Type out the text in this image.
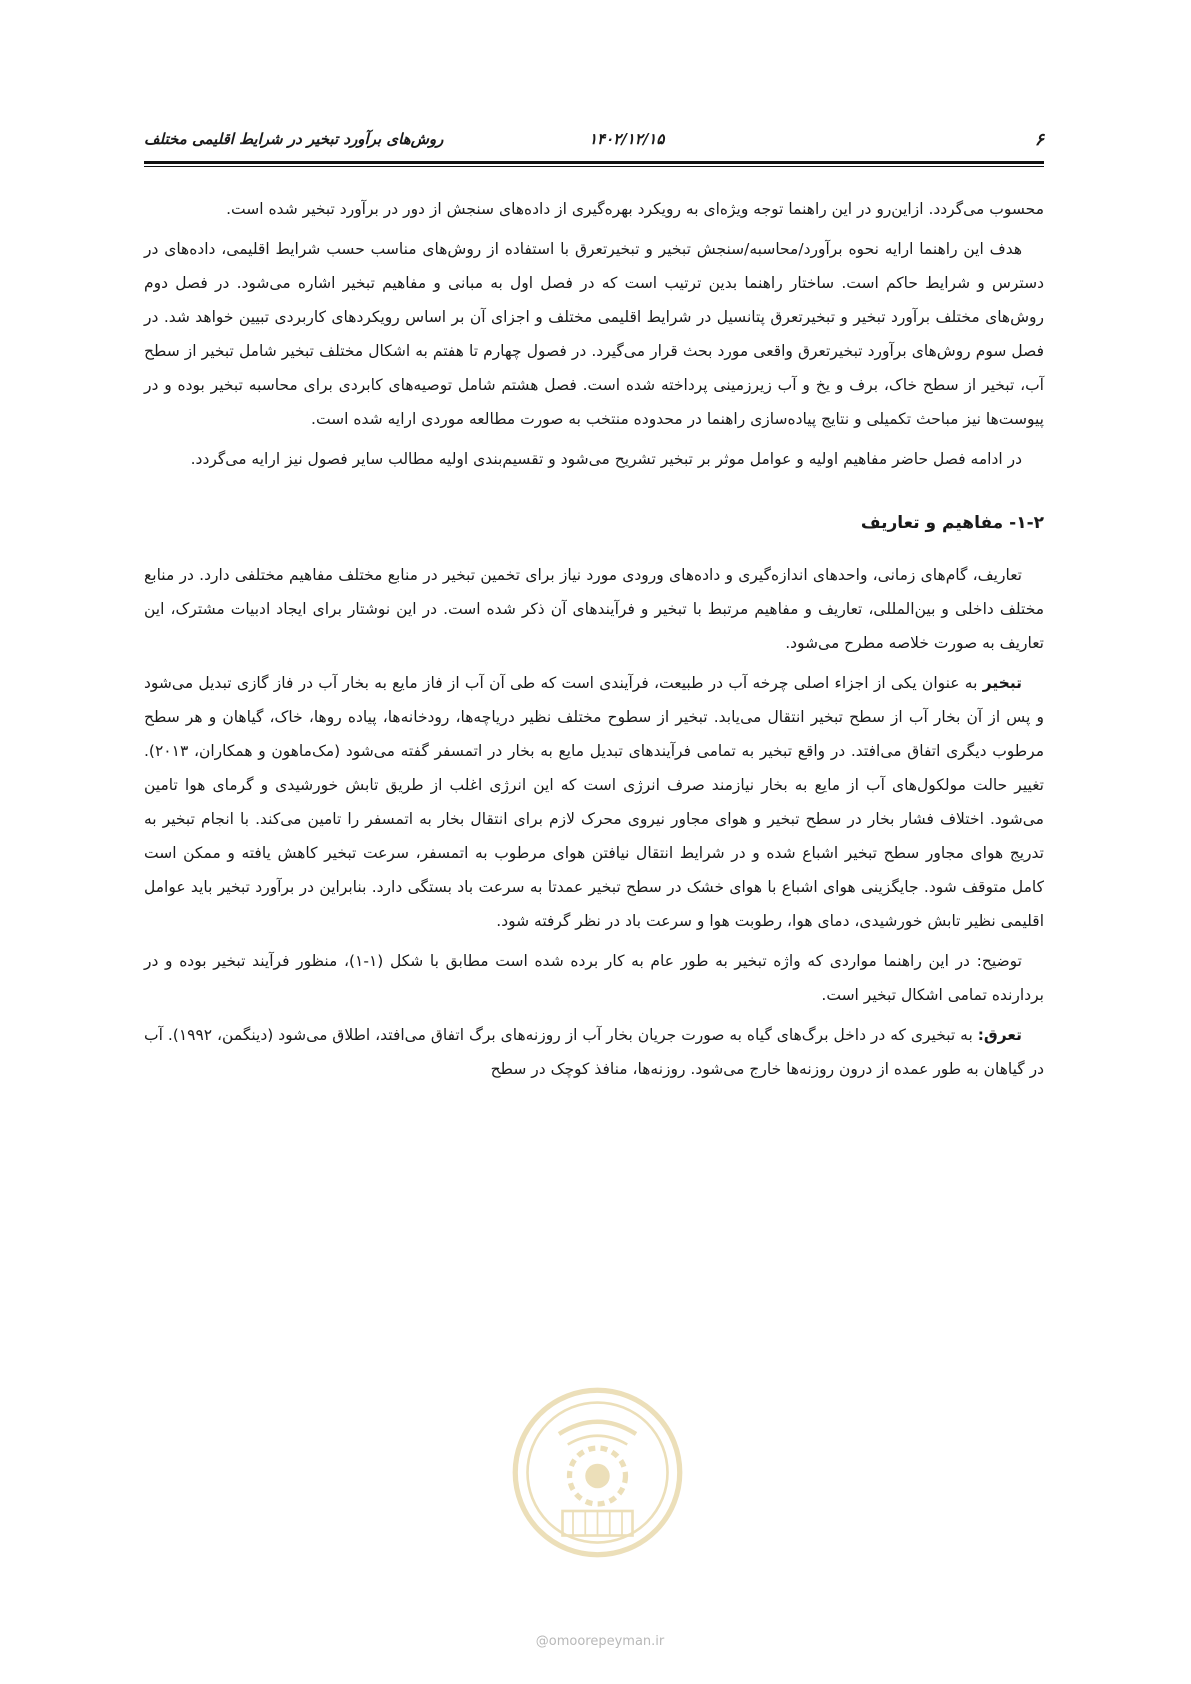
۶
۱۴۰۲/۱۲/۱۵
روش‌های برآورد تبخیر در شرایط اقلیمی مختلف

محسوب می‌گردد. ازاین‌رو در این راهنما توجه ویژه‌ای به رویکرد بهره‌گیری از داده‌های سنجش از دور در برآورد تبخیر شده است.

هدف این راهنما ارایه نحوه برآورد/محاسبه/سنجش تبخیر و تبخیرتعرق با استفاده از روش‌های مناسب حسب شرایط اقلیمی، داده‌های در دسترس و شرایط حاکم است. ساختار راهنما بدین ترتیب است که در فصل اول به مبانی و مفاهیم تبخیر اشاره می‌شود. در فصل دوم روش‌های مختلف برآورد تبخیر و تبخیرتعرق پتانسیل در شرایط اقلیمی مختلف و اجزای آن بر اساس رویکردهای کاربردی تبیین خواهد شد. در فصل سوم روش‌های برآورد تبخیرتعرق واقعی مورد بحث قرار می‌گیرد. در فصول چهارم تا هفتم به اشکال مختلف تبخیر شامل تبخیر از سطح آب، تبخیر از سطح خاک، برف و یخ و آب زیرزمینی پرداخته شده است. فصل هشتم شامل توصیه‌های کابردی برای محاسبه تبخیر بوده و در پیوست‌ها نیز مباحث تکمیلی و نتایج پیاده‌سازی راهنما در محدوده منتخب به صورت مطالعه موردی ارایه شده است.

در ادامه فصل حاضر مفاهیم اولیه و عوامل موثر بر تبخیر تشریح می‌شود و تقسیم‌بندی اولیه مطالب سایر فصول نیز ارایه می‌گردد.

۱-۲- مفاهیم و تعاریف

تعاریف، گام‌های زمانی، واحدهای اندازه‌گیری و داده‌های ورودی مورد نیاز برای تخمین تبخیر در منابع مختلف مفاهیم مختلفی دارد. در منابع مختلف داخلی و بین‌المللی، تعاریف و مفاهیم مرتبط با تبخیر و فرآیندهای آن ذکر شده است. در این نوشتار برای ایجاد ادبیات مشترک، این تعاریف به صورت خلاصه مطرح می‌شود.

تبخیر به عنوان یکی از اجزاء اصلی چرخه آب در طبیعت، فرآیندی است که طی آن آب از فاز مایع به بخار آب در فاز گازی تبدیل می‌شود و پس از آن بخار آب از سطح تبخیر انتقال می‌یابد. تبخیر از سطوح مختلف نظیر دریاچه‌ها، رودخانه‌ها، پیاده روها، خاک، گیاهان و هر سطح مرطوب دیگری اتفاق می‌افتد. در واقع تبخیر به تمامی فرآیندهای تبدیل مایع به بخار در اتمسفر گفته می‌شود (مک‌ماهون و همکاران، ۲۰۱۳). تغییر حالت مولکول‌های آب از مایع به بخار نیازمند صرف انرژی است که این انرژی اغلب از طریق تابش خورشیدی و گرمای هوا تامین می‌شود. اختلاف فشار بخار در سطح تبخیر و هوای مجاور نیروی محرک لازم برای انتقال بخار به اتمسفر را تامین می‌کند. با انجام تبخیر به تدریج هوای مجاور سطح تبخیر اشباع شده و در شرایط انتقال نیافتن هوای مرطوب به اتمسفر، سرعت تبخیر کاهش یافته و ممکن است کامل متوقف شود. جایگزینی هوای اشباع با هوای خشک در سطح تبخیر عمدتا به سرعت باد بستگی دارد. بنابراین در برآورد تبخیر باید عوامل اقلیمی نظیر تابش خورشیدی، دمای هوا، رطوبت هوا و سرعت باد در نظر گرفته شود.

توضیح: در این راهنما مواردی که واژه تبخیر به طور عام به کار برده شده است مطابق با شکل (۱-۱)، منظور فرآیند تبخیر بوده و در بردارنده تمامی اشکال تبخیر است.

تعرق: به تبخیری که در داخل برگ‌های گیاه به صورت جریان بخار آب از روزنه‌های برگ اتفاق می‌افتد، اطلاق می‌شود (دینگمن، ۱۹۹۲). آب در گیاهان به طور عمده از درون روزنه‌ها خارج می‌شود. روزنه‌ها، منافذ کوچک در سطح

@omoorepeyman.ir
